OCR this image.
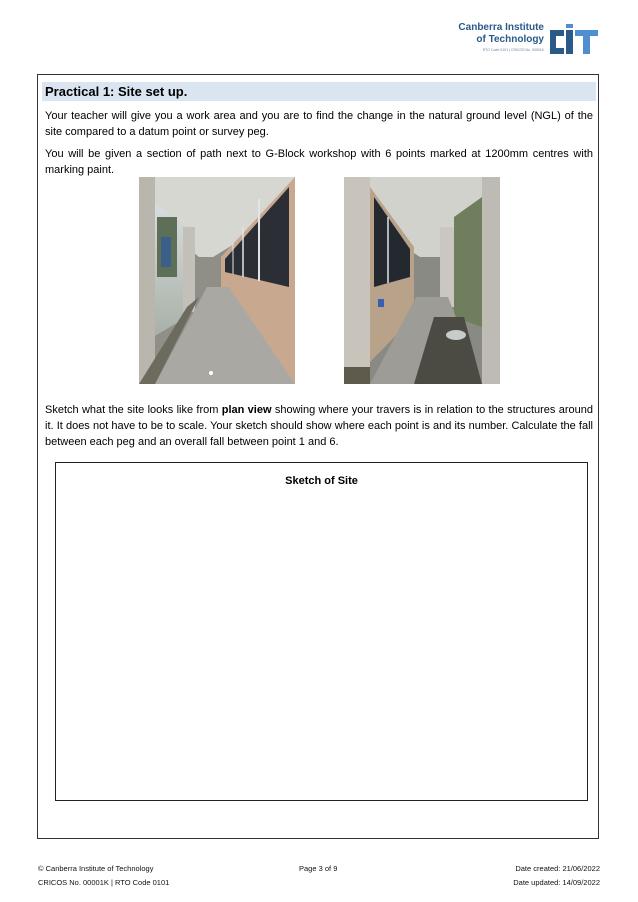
Canberra Institute
of Technology
RTO Code 0101 | CRICOS No. 00001K
Practical 1: Site set up.
Your teacher will give you a work area and you are to find the change in the natural ground level (NGL) of the site compared to a datum point or survey peg.
You will be given a section of path next to G-Block workshop with 6 points marked at 1200mm centres with marking paint.
Sketch what the site looks like from plan view showing where your travers is in relation to the structures around it. It does not have to be to scale. Your sketch should show where each point is and its number. Calculate the fall between each peg and an overall fall between point 1 and 6.
Sketch of Site
© Canberra Institute of Technology
CRICOS No. 00001K | RTO Code 0101
Page 3 of 9	Date created: 21/06/2022
Date updated: 14/09/2022
